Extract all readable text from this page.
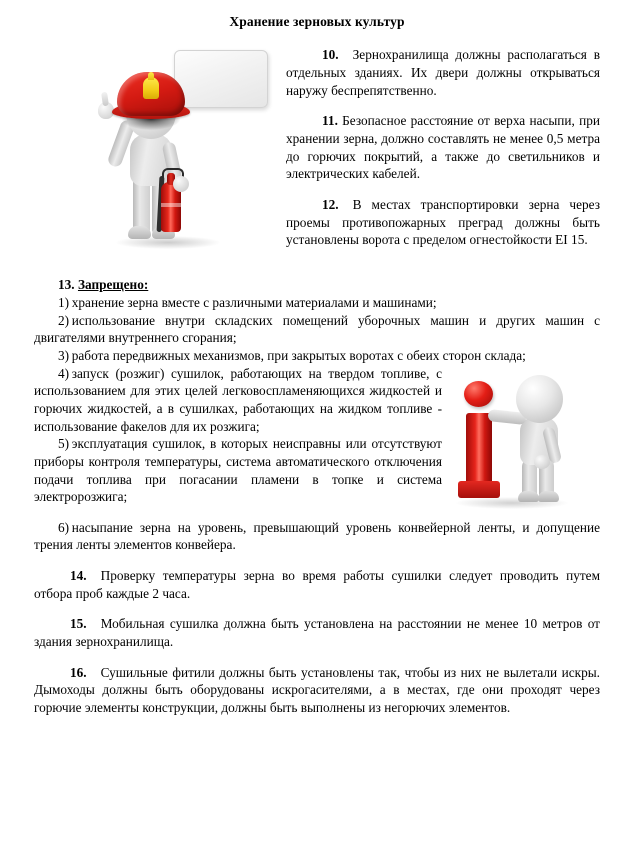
Хранение зерновых культур

10. Зернохранилища должны располагаться в отдельных зданиях. Их двери должны открываться наружу беспрепятственно.

11. Безопасное расстояние от верха насыпи, при хранении зерна, должно составлять не менее 0,5 метра до горючих покрытий, а также до светильников и электрических кабелей.

12. В местах транспортировки зерна через проемы противопожарных преград должны быть установлены ворота с пределом огнестойкости EI 15.

13. Запрещено:

1)  хранение зерна вместе с различными материалами и машинами;

2)  использование внутри складских помещений уборочных машин и других машин с двигателями внутреннего сгорания;

3)  работа передвижных механизмов, при закрытых воротах с обеих сторон склада;

4)  запуск (розжиг) сушилок, работающих на твердом топливе, с использованием для этих целей легковоспламеняющихся жидкостей и горючих жидкостей, а в сушилках, работающих на жидком топливе - использование факелов для их розжига;

5)  эксплуатация сушилок, в которых неисправны или отсутствуют приборы контроля температуры, система автоматического отключения подачи топлива при погасании пламени в топке и система электророзжига;

6)  насыпание зерна на уровень, превышающий уровень конвейерной ленты, и допущение трения ленты элементов конвейера.

14. Проверку температуры зерна во время работы сушилки следует проводить путем отбора проб каждые 2 часа.

15. Мобильная сушилка должна быть установлена на расстоянии не менее 10 метров от здания зернохранилища.

16. Сушильные фитили должны быть установлены так, чтобы из них не вылетали искры. Дымоходы должны быть оборудованы искрогасителями, а в местах, где они проходят через горючие элементы конструкции, должны быть выполнены из негорючих элементов.
